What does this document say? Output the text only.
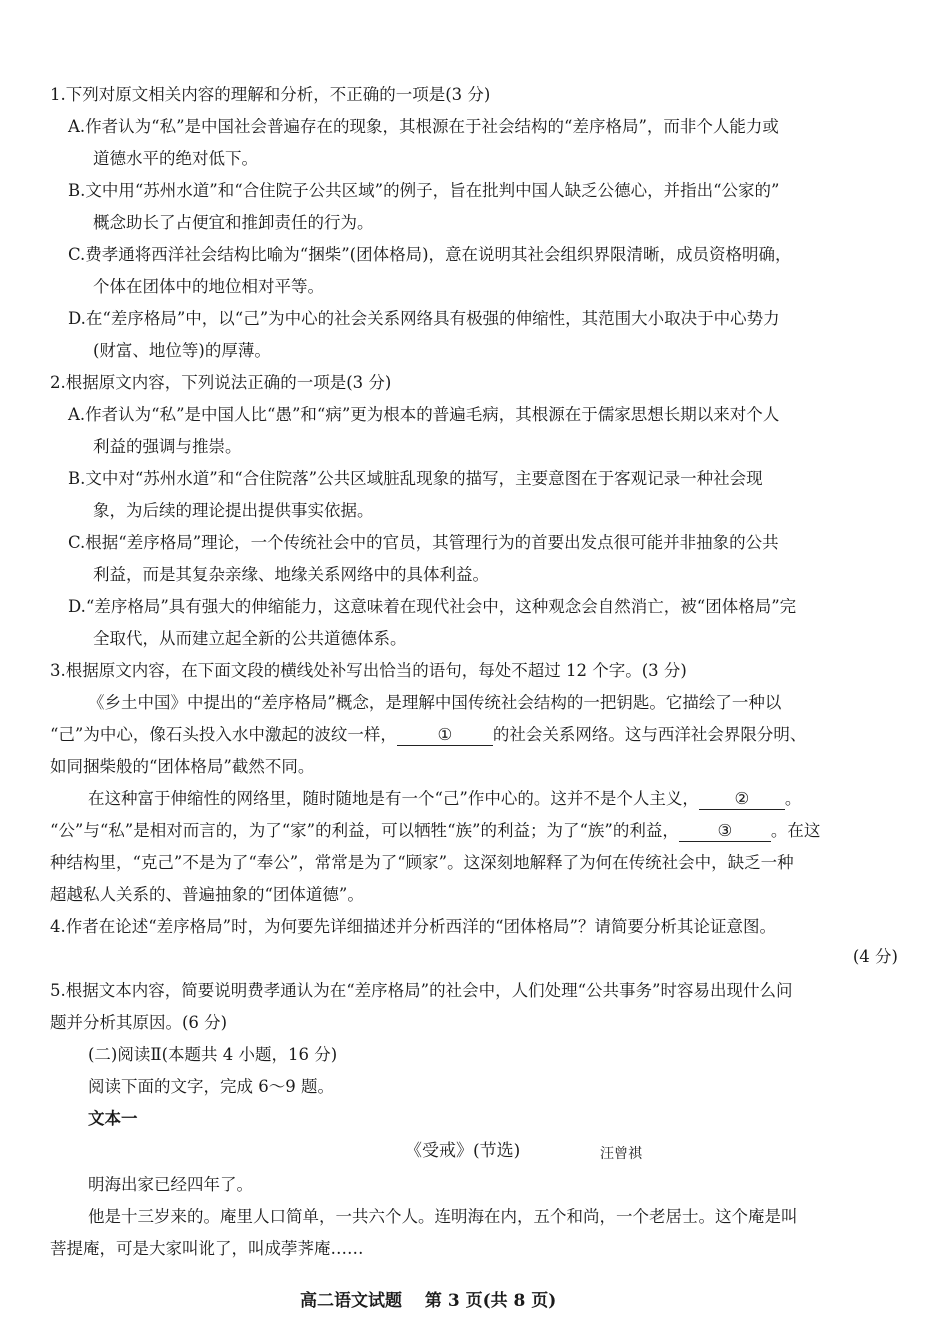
1.下列对原文相关内容的理解和分析，不正确的一项是(3 分)
A.作者认为“私”是中国社会普遍存在的现象，其根源在于社会结构的“差序格局”，而非个人能力或
道德水平的绝对低下。
B.文中用“苏州水道”和“合住院子公共区域”的例子，旨在批判中国人缺乏公德心，并指出“公家的”
概念助长了占便宜和推卸责任的行为。
C.费孝通将西洋社会结构比喻为“捆柴”(团体格局)，意在说明其社会组织界限清晰，成员资格明确，
个体在团体中的地位相对平等。
D.在“差序格局”中，以“己”为中心的社会关系网络具有极强的伸缩性，其范围大小取决于中心势力
(财富、地位等)的厚薄。
2.根据原文内容，下列说法正确的一项是(3 分)
A.作者认为“私”是中国人比“愚”和“病”更为根本的普遍毛病，其根源在于儒家思想长期以来对个人
利益的强调与推崇。
B.文中对“苏州水道”和“合住院落”公共区域脏乱现象的描写，主要意图在于客观记录一种社会现
象，为后续的理论提出提供事实依据。
C.根据“差序格局”理论，一个传统社会中的官员，其管理行为的首要出发点很可能并非抽象的公共
利益，而是其复杂亲缘、地缘关系网络中的具体利益。
D.“差序格局”具有强大的伸缩能力，这意味着在现代社会中，这种观念会自然消亡，被“团体格局”完
全取代，从而建立起全新的公共道德体系。
3.根据原文内容，在下面文段的横线处补写出恰当的语句，每处不超过 12 个字。(3 分)
《乡土中国》中提出的“差序格局”概念，是理解中国传统社会结构的一把钥匙。它描绘了一种以
“己”为中心，像石头投入水中激起的波纹一样， ① 的社会关系网络。这与西洋社会界限分明、
如同捆柴般的“团体格局”截然不同。
在这种富于伸缩性的网络里，随时随地是有一个“己”作中心的。这并不是个人主义， ② 。
“公”与“私”是相对而言的，为了“家”的利益，可以牺牲“族”的利益；为了“族”的利益， ③ 。在这
种结构里，“克己”不是为了“奉公”，常常是为了“顾家”。这深刻地解释了为何在传统社会中，缺乏一种
超越私人关系的、普遍抽象的“团体道德”。
4.作者在论述“差序格局”时，为何要先详细描述并分析西洋的“团体格局”？请简要分析其论证意图。
(4 分)
5.根据文本内容，简要说明费孝通认为在“差序格局”的社会中，人们处理“公共事务”时容易出现什么问
题并分析其原因。(6 分)
(二)阅读Ⅱ(本题共 4 小题，16 分)
阅读下面的文字，完成 6～9 题。
文本一
《受戒》(节选)	汪曾祺
明海出家已经四年了。
他是十三岁来的。庵里人口简单，一共六个人。连明海在内，五个和尚，一个老居士。这个庵是叫
菩提庵，可是大家叫讹了，叫成荸荠庵……
高二语文试题　 第 3 页(共 8 页)
